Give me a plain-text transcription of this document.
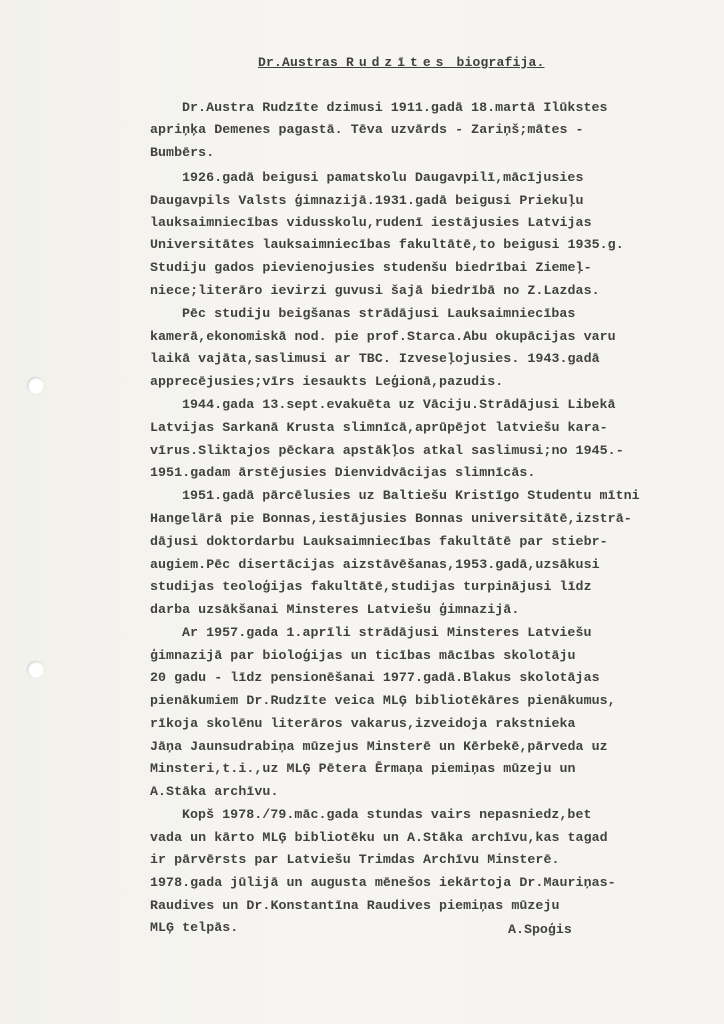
Dr.Austras Rudzītes biografija.
Dr.Austra Rudzīte dzimusi 1911.gadā 18.martā Ilūkstes
apriņķa Demenes pagastā. Tēva uzvārds - Zariņš;mātes -
Bumbērs.
1926.gadā beigusi pamatskolu Daugavpilī,mācījusies
Daugavpils Valsts ģimnazijā.1931.gadā beigusi Priekuļu
lauksaimniecības vidusskolu,rudenī iestājusies Latvijas
Universitātes lauksaimniecības fakultātē,to beigusi 1935.g.
Studiju gados pievienojusies studenšu biedrībai Ziemeļ-
niece;literāro ievirzi guvusi šajā biedrībā no Z.Lazdas.
Pēc studiju beigšanas strādājusi Lauksaimniecības
kamerā,ekonomiskā nod. pie prof.Starca.Abu okupācijas varu
laikā vajāta,saslimusi ar TBC. Izveseļojusies. 1943.gadā
apprecējusies;vīrs iesaukts Leģionā,pazudis.
1944.gada 13.sept.evakuēta uz Vāciju.Strādājusi Libekā
Latvijas Sarkanā Krusta slimnīcā,aprūpējot latviešu kara-
vīrus.Sliktajos pēckara apstākļos atkal saslimusi;no 1945.-
1951.gadam ārstējusies Dienvidvācijas slimnīcās.
1951.gadā pārcēlusies uz Baltiešu Kristīgo Studentu mītni
Hangelārā pie Bonnas,iestājusies Bonnas universitātē,izstrā-
dājusi doktordarbu Lauksaimniecības fakultātē par stiebr-
augiem.Pēc disertācijas aizstāvēšanas,1953.gadā,uzsākusi
studijas teoloģijas fakultātē,studijas turpinājusi līdz
darba uzsākšanai Minsteres Latviešu ģimnazijā.
Ar 1957.gada 1.aprīli strādājusi Minsteres Latviešu
ģimnazijā par bioloģijas un ticības mācības skolotāju
20 gadu - līdz pensionēšanai 1977.gadā.Blakus skolotājas
pienākumiem Dr.Rudzīte veica MLĢ bibliotēkāres pienākumus,
rīkoja skolēnu literāros vakarus,izveidoja rakstnieka
Jāņa Jaunsudrabiņa mūzejus Minsterē un Kērbekē,pārveda uz
Minsteri,t.i.,uz MLĢ Pētera Ērmaņa piemiņas mūzeju un
A.Stāka archīvu.
Kopš 1978./79.māc.gada stundas vairs nepasniedz,bet
vada un kārto MLĢ bibliotēku un A.Stāka archīvu,kas tagad
ir pārvērsts par Latviešu Trimdas Archīvu Minsterē.
1978.gada jūlijā un augusta mēnešos iekārtoja Dr.Mauriņas-
Raudives un Dr.Konstantīna Raudives piemiņas mūzeju
MLĢ telpās.	A.Spoģis
